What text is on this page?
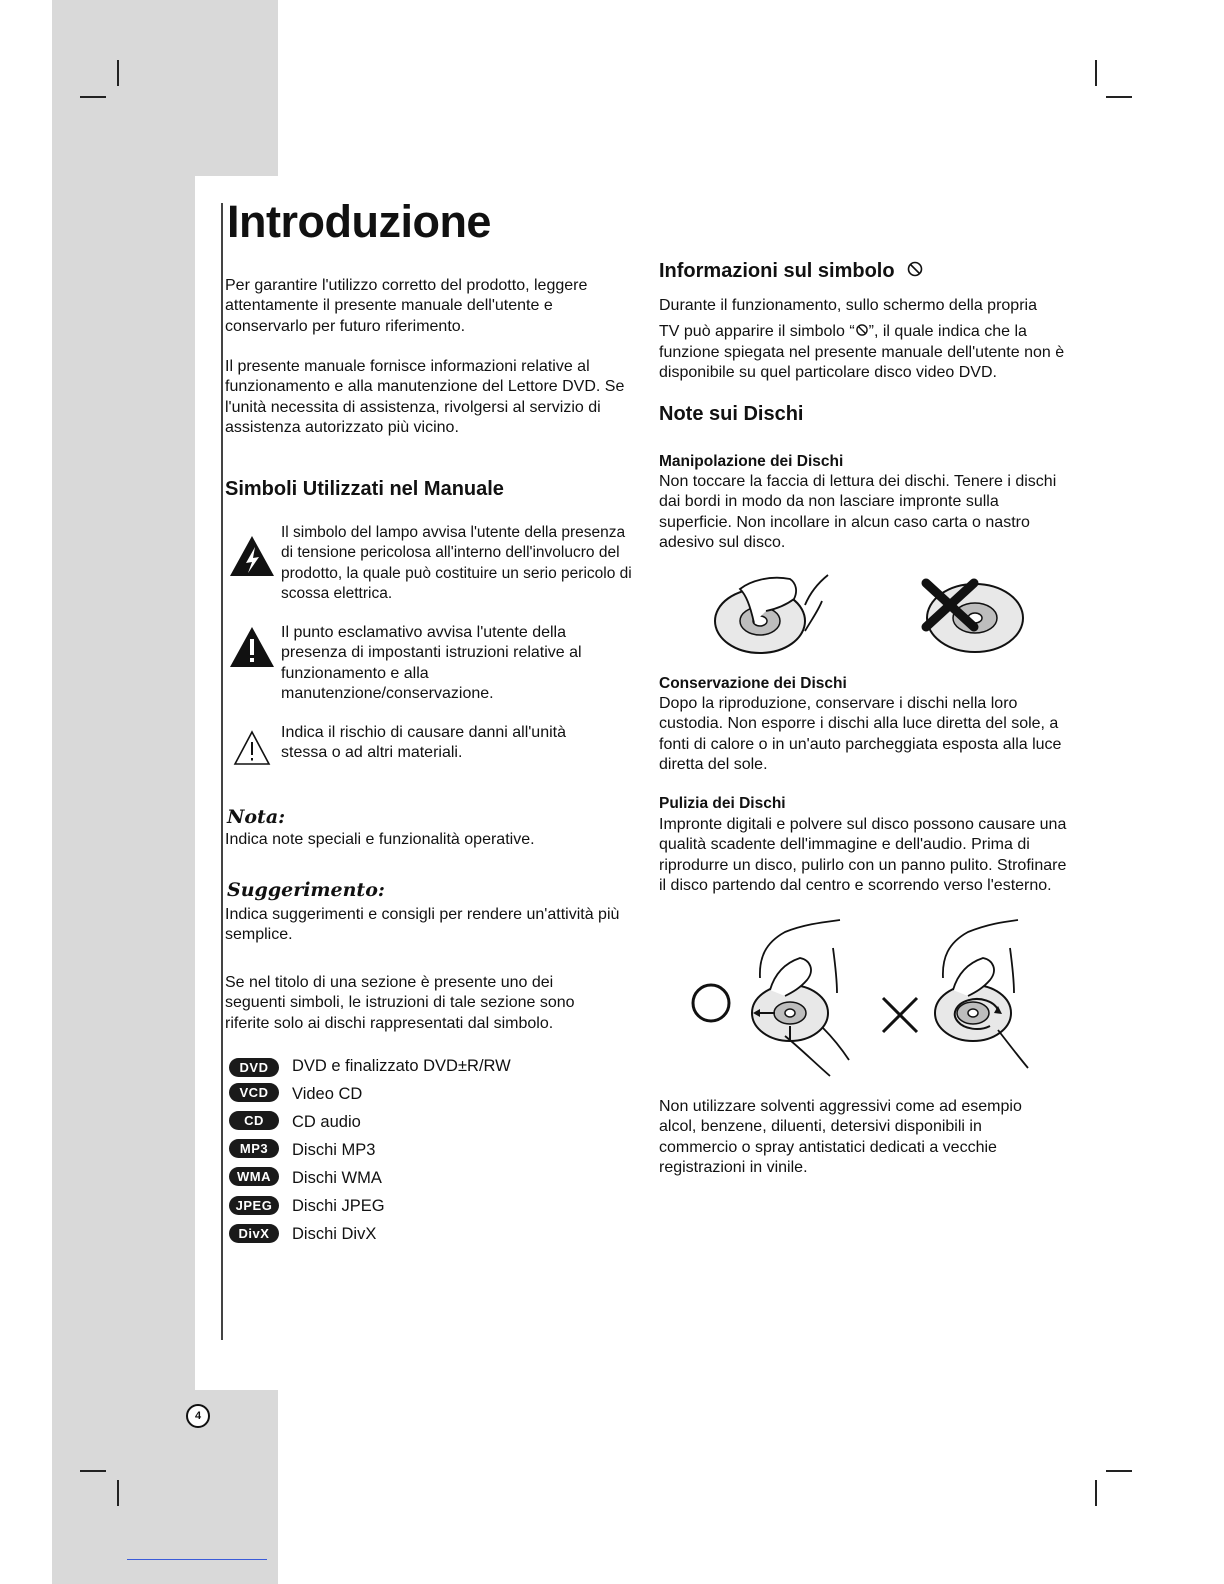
Introduzione

Per garantire l'utilizzo corretto del prodotto, leggere attentamente il presente manuale dell'utente e conservarlo per futuro riferimento.

Il presente manuale fornisce informazioni relative al funzionamento e alla manutenzione del Lettore DVD. Se l'unità necessita di assistenza, rivolgersi al servizio di assistenza autorizzato più vicino.

Simboli Utilizzati nel Manuale

Il simbolo del lampo avvisa l'utente della presenza di tensione pericolosa all'interno dell'involucro del prodotto, la quale può costituire un serio pericolo di scossa elettrica.

Il punto esclamativo avvisa l'utente della presenza di impostanti istruzioni relative al funzionamento e alla manutenzione/conservazione.

Indica il rischio di causare danni all'unità stessa o ad altri materiali.

Nota:

Indica note speciali e funzionalità operative.

Suggerimento:

Indica suggerimenti e consigli per rendere un'attività più semplice.

Se nel titolo di una sezione è presente uno dei seguenti simboli, le istruzioni di tale sezione sono riferite solo ai dischi rappresentati dal simbolo.

DVD	DVD e finalizzato DVD±R/RW
VCD	Video CD
CD	CD audio
MP3	Dischi MP3
WMA	Dischi WMA
JPEG	Dischi JPEG
DivX	Dischi DivX
Informazioni sul simbolo

Durante il funzionamento, sullo schermo della propria

TV può apparire il simbolo “ ”, il quale indica che la

funzione spiegata nel presente manuale dell'utente non è disponibile su quel particolare disco video DVD.

Note sui Dischi
Manipolazione dei Dischi

Non toccare la faccia di lettura dei dischi. Tenere i dischi dai bordi in modo da non lasciare impronte sulla superficie. Non incollare in alcun caso carta o nastro adesivo sul disco.

Conservazione dei Dischi

Dopo la riproduzione, conservare i dischi nella loro custodia. Non esporre i dischi alla luce diretta del sole, a fonti di calore o in un'auto parcheggiata esposta alla luce diretta del sole.

Pulizia dei Dischi

Impronte digitali e polvere sul disco possono causare una qualità scadente dell'immagine e dell'audio. Prima di riprodurre un disco, pulirlo con un panno pulito. Strofinare il disco partendo dal centro e scorrendo verso l'esterno.

Non utilizzare solventi aggressivi come ad esempio alcol, benzene, diluenti, detersivi disponibili in commercio o spray antistatici dedicati a vecchie registrazioni in vinile.

4
